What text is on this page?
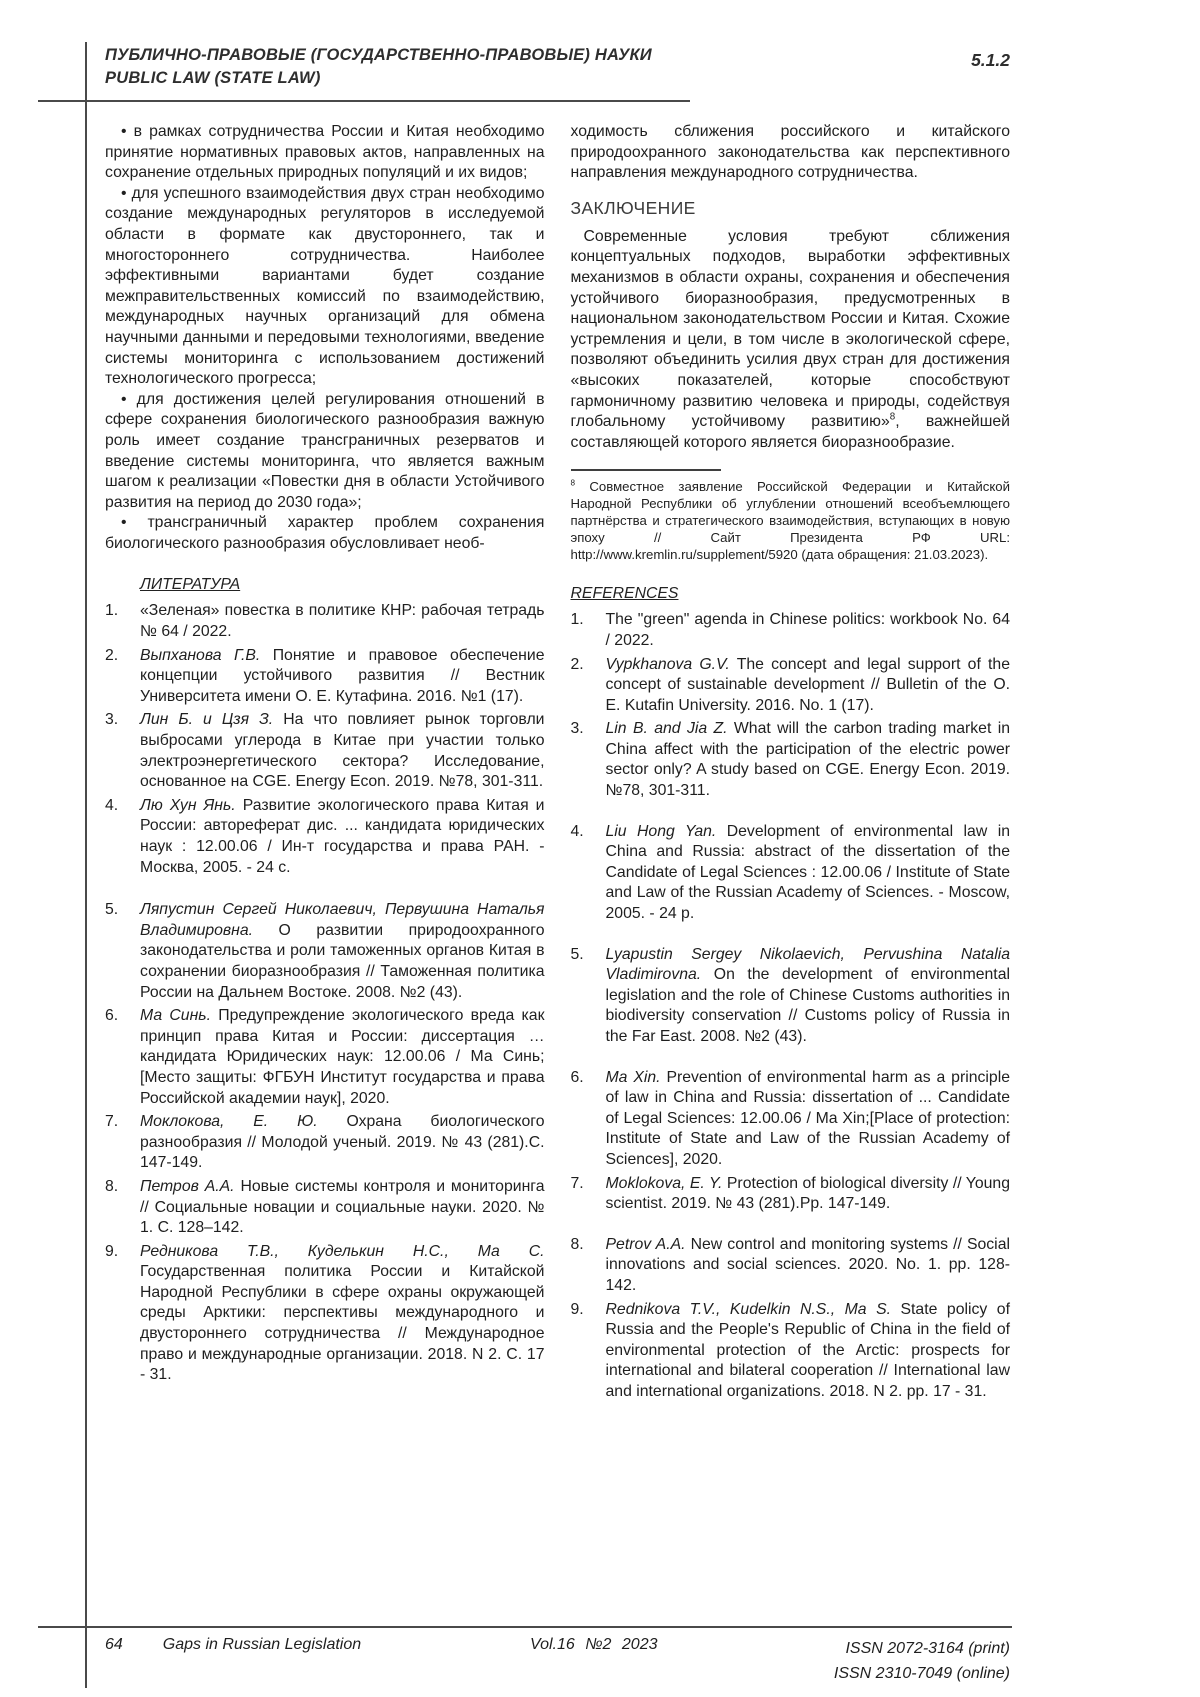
ПУБЛИЧНО-ПРАВОВЫЕ (ГОСУДАРСТВЕННО-ПРАВОВЫЕ) НАУКИ
PUBLIC LAW (STATE LAW)
5.1.2

• в рамках сотрудничества России и Китая необходимо принятие нормативных правовых актов, направленных на сохранение отдельных природных популяций и их видов;

• для успешного взаимодействия двух стран необходимо создание международных регуляторов в исследуемой области в формате как двустороннего, так и многостороннего сотрудничества. Наиболее эффективными вариантами будет создание межправительственных комиссий по взаимодействию, международных научных организаций для обмена научными данными и передовыми технологиями, введение системы мониторинга с использованием достижений технологического прогресса;

• для достижения целей регулирования отношений в сфере сохранения биологического разнообразия важную роль имеет создание трансграничных резерватов и введение системы мониторинга, что является важным шагом к реализации «Повестки дня в области Устойчивого развития на период до 2030 года»;

• трансграничный характер проблем сохранения биологического разнообразия обусловливает необ-

ЛИТЕРАТУРА
1.	«Зеленая» повестка в политике КНР: рабочая тетрадь № 64 / 2022.
2.	Выпханова Г.В. Понятие и правовое обеспечение концепции устойчивого развития // Вестник Университета имени О. Е. Кутафина. 2016. №1 (17).
3.	Лин Б. и Цзя З. На что повлияет рынок торговли выбросами углерода в Китае при участии только электроэнергетического сектора? Исследование, основанное на CGE. Energy Econ. 2019. №78, 301-311.
4.	Лю Хун Янь. Развитие экологического права Китая и России: автореферат дис. ... кандидата юридических наук : 12.00.06 / Ин-т государства и права РАН. - Москва, 2005. - 24 с.
5.	Ляпустин Сергей Николаевич, Первушина Наталья Владимировна. О развитии природоохранного законодательства и роли таможенных органов Китая в сохранении биоразнообразия // Таможенная политика России на Дальнем Востоке. 2008. №2 (43).
6.	Ма Синь. Предупреждение экологического вреда как принцип права Китая и России: диссертация … кандидата Юридических наук: 12.00.06 / Ма Синь;[Место защиты: ФГБУН Институт государства и права Российской академии наук], 2020.
7.	Моклокова, Е. Ю. Охрана биологического разнообразия // Молодой ученый. 2019. № 43 (281).С. 147-149.
8.	Петров А.А. Новые системы контроля и мониторинга // Социальные новации и социальные науки. 2020. № 1. С. 128–142.
9.	Редникова Т.В., Куделькин Н.С., Ма С. Государственная политика России и Китайской Народной Республики в сфере охраны окружающей среды Арктики: перспективы международного и двустороннего сотрудничества // Международное право и международные организации. 2018. N 2. С. 17 - 31.

ходимость сближения российского и китайского природоохранного законодательства как перспективного направления международного сотрудничества.

ЗАКЛЮЧЕНИЕ

Современные условия требуют сближения концептуальных подходов, выработки эффективных механизмов в области охраны, сохранения и обеспечения устойчивого биоразнообразия, предусмотренных в национальном законодательством России и Китая. Схожие устремления и цели, в том числе в экологической сфере, позволяют объединить усилия двух стран для достижения «высоких показателей, которые способствуют гармоничному развитию человека и природы, содействуя глобальному устойчивому развитию»$^8$, важнейшей составляющей которого является биоразнообразие.

$^8$ Совместное заявление Российской Федерации и Китайской Народной Республики об углублении отношений всеобъемлющего партнёрства и стратегического взаимодействия, вступающих в новую эпоху // Сайт Президента РФ URL: http://www.kremlin.ru/supplement/5920 (дата обращения: 21.03.2023).

REFERENCES
1.	The "green" agenda in Chinese politics: workbook No. 64 / 2022.
2.	Vypkhanova G.V. The concept and legal support of the concept of sustainable development // Bulletin of the O. E. Kutafin University. 2016. No. 1 (17).
3.	Lin B. and Jia Z. What will the carbon trading market in China affect with the participation of the electric power sector only? A study based on CGE. Energy Econ. 2019. №78, 301-311.
4.	Liu Hong Yan. Development of environmental law in China and Russia: abstract of the dissertation of the Candidate of Legal Sciences : 12.00.06 / Institute of State and Law of the Russian Academy of Sciences. - Moscow, 2005. - 24 p.
5.	Lyapustin Sergey Nikolaevich, Pervushina Natalia Vladimirovna. On the development of environmental legislation and the role of Chinese Customs authorities in biodiversity conservation // Customs policy of Russia in the Far East. 2008. №2 (43).
6.	Ma Xin. Prevention of environmental harm as a principle of law in China and Russia: dissertation of ... Candidate of Legal Sciences: 12.00.06 / Ma Xin;[Place of protection: Institute of State and Law of the Russian Academy of Sciences], 2020.
7.	Moklokova, E. Y. Protection of biological diversity // Young scientist. 2019. № 43 (281).Pp. 147-149.
8.	Petrov A.A. New control and monitoring systems // Social innovations and social sciences. 2020. No. 1. pp. 128-142.
9.	Rednikova T.V., Kudelkin N.S., Ma S. State policy of Russia and the People's Republic of China in the field of environmental protection of the Arctic: prospects for international and bilateral cooperation // International law and international organizations. 2018. N 2. pp. 17 - 31.
64	Gaps in Russian Legislation	Vol.16 №2 2023	ISSN 2072-3164 (print)
ISSN 2310-7049 (online)
